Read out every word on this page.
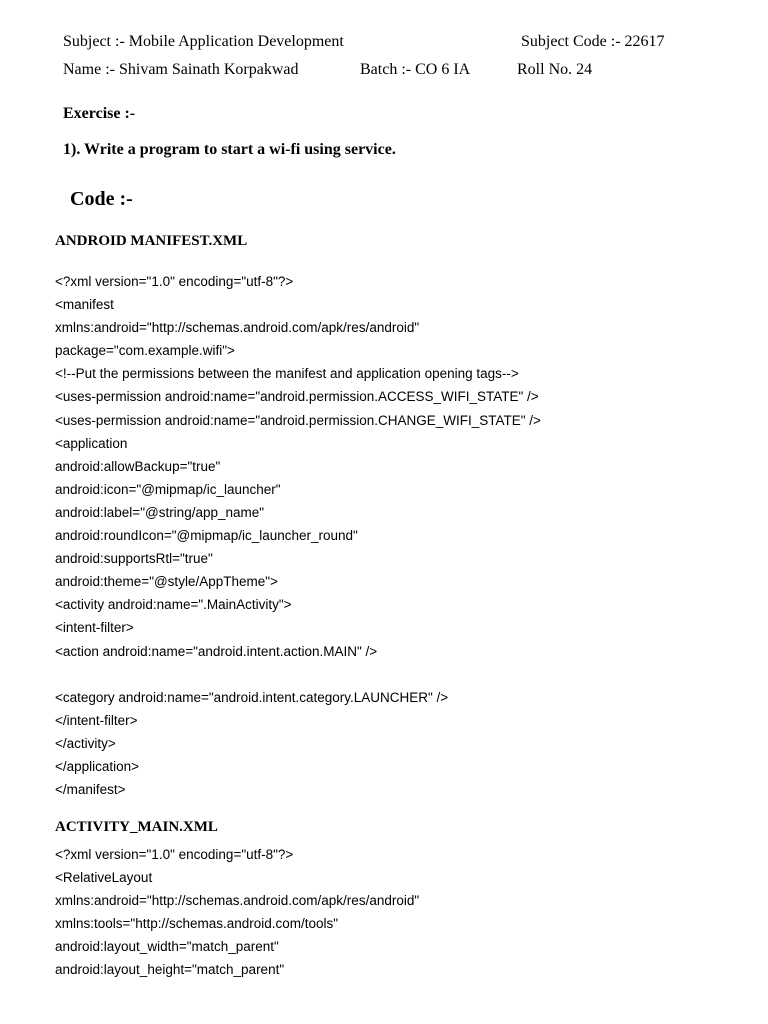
Subject :- Mobile Application Development	Subject Code :- 22617
Name :- Shivam Sainath Korpakwad	Batch :- CO 6 IA	Roll No. 24
Exercise :-
1). Write a program to start a wi-fi using service.
Code :-
ANDROID MANIFEST.XML
<?xml version="1.0" encoding="utf-8"?>
<manifest
xmlns:android="http://schemas.android.com/apk/res/android"
package="com.example.wifi">
<!--Put the permissions between the manifest and application opening tags-->
<uses-permission android:name="android.permission.ACCESS_WIFI_STATE" />
<uses-permission android:name="android.permission.CHANGE_WIFI_STATE" />
<application
android:allowBackup="true"
android:icon="@mipmap/ic_launcher"
android:label="@string/app_name"
android:roundIcon="@mipmap/ic_launcher_round"
android:supportsRtl="true"
android:theme="@style/AppTheme">
<activity android:name=".MainActivity">
<intent-filter>
<action android:name="android.intent.action.MAIN" />
<category android:name="android.intent.category.LAUNCHER" />
</intent-filter>
</activity>
</application>
</manifest>
ACTIVITY_MAIN.XML
<?xml version="1.0" encoding="utf-8"?>
<RelativeLayout
xmlns:android="http://schemas.android.com/apk/res/android"
xmlns:tools="http://schemas.android.com/tools"
android:layout_width="match_parent"
android:layout_height="match_parent"
